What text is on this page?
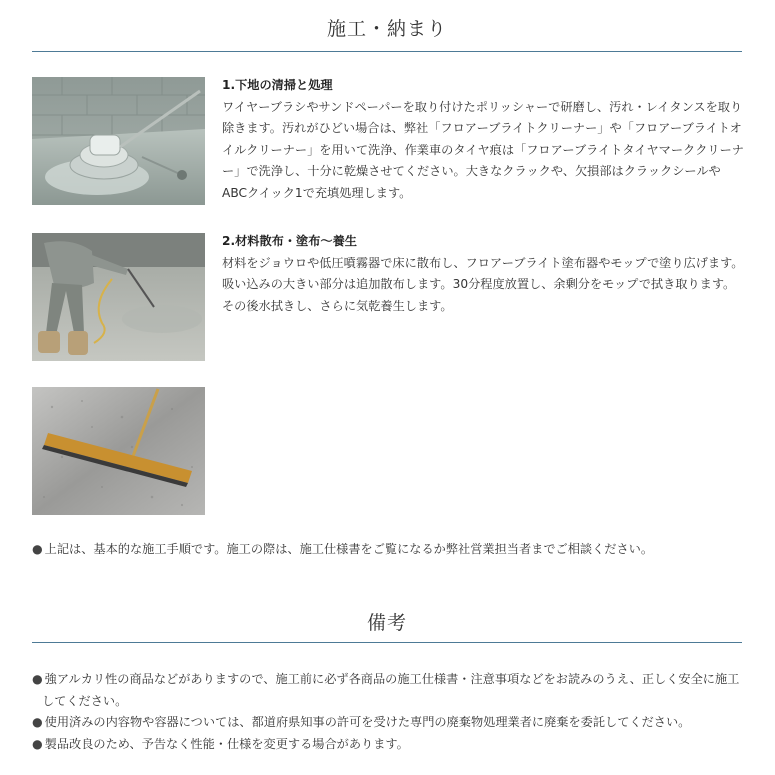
施工・納まり
1.下地の清掃と処理
ワイヤーブラシやサンドペーパーを取り付けたポリッシャーで研磨し、汚れ・レイタンスを取り除きます。汚れがひどい場合は、弊社「フロアーブライトクリーナー」や「フロアーブライトオイルクリーナー」を用いて洗浄、作業車のタイヤ痕は「フロアーブライトタイヤマーククリーナー」で洗浄し、十分に乾燥させてください。大きなクラックや、欠損部はクラックシールやABCクイック1で充填処理します。
2.材料散布・塗布～養生
材料をジョウロや低圧噴霧器で床に散布し、フロアーブライト塗布器やモップで塗り広げます。吸い込みの大きい部分は追加散布します。30分程度放置し、余剰分をモップで拭き取ります。その後水拭きし、さらに気乾養生します。
● 上記は、基本的な施工手順です。施工の際は、施工仕様書をご覧になるか弊社営業担当者までご相談ください。
備考
● 強アルカリ性の商品などがありますので、施工前に必ず各商品の施工仕様書・注意事項などをお読みのうえ、正しく安全に施工してください。
● 使用済みの内容物や容器については、都道府県知事の許可を受けた専門の廃棄物処理業者に廃棄を委託してください。
● 製品改良のため、予告なく性能・仕様を変更する場合があります。
